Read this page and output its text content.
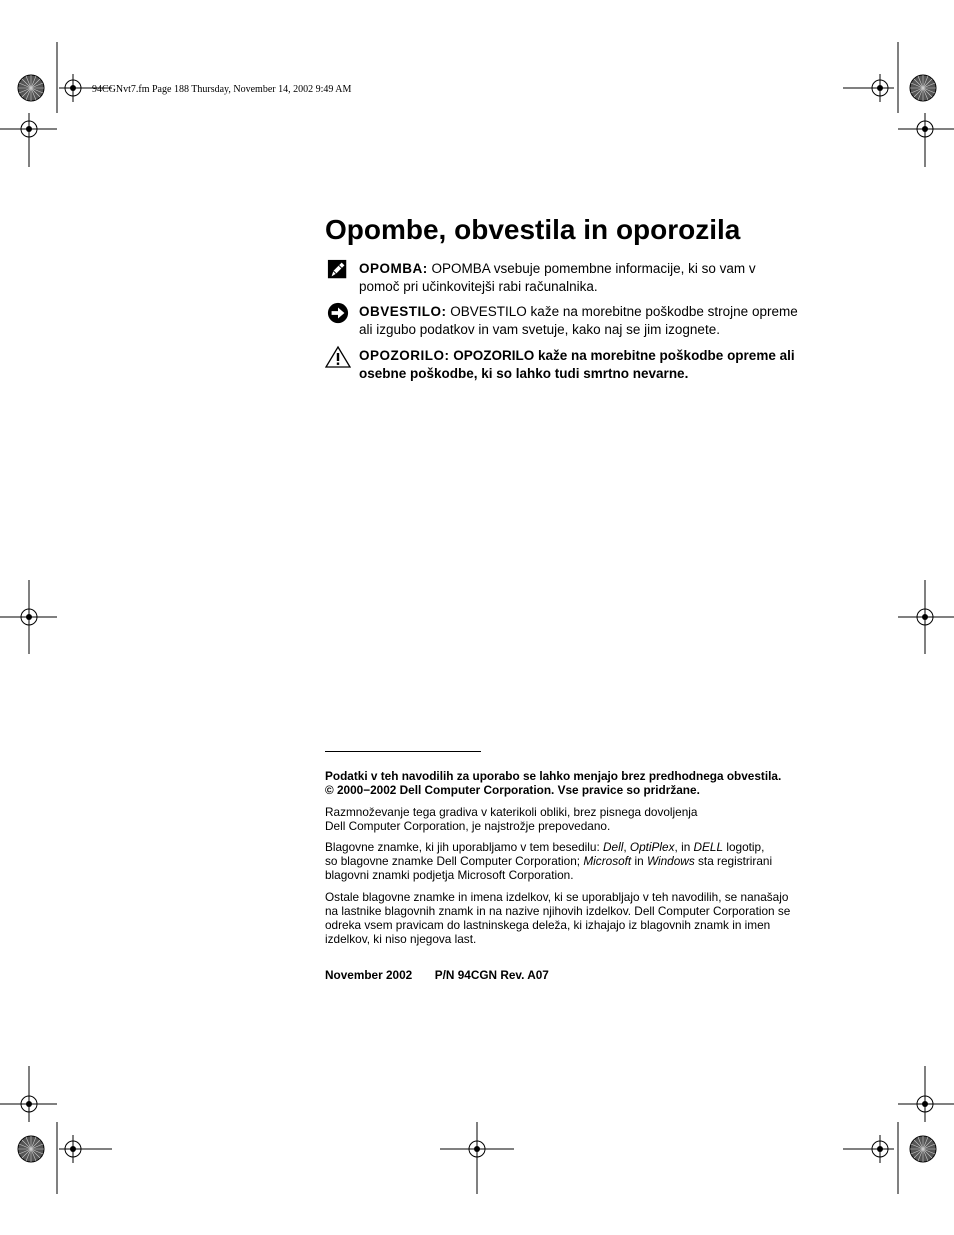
94CGNvt7.fm Page 188 Thursday, November 14, 2002 9:49 AM
Opombe, obvestila in oporozila
OPOMBA: OPOMBA vsebuje pomembne informacije, ki so vam v
pomoč pri učinkovitejši rabi računalnika.
OBVESTILO: OBVESTILO kaže na morebitne poškodbe strojne opreme
ali izgubo podatkov in vam svetuje, kako naj se jim izognete.
OPOZORILO: OPOZORILO kaže na morebitne poškodbe opreme ali
osebne poškodbe, ki so lahko tudi smrtno nevarne.

Podatki v teh navodilih za uporabo se lahko menjajo brez predhodnega obvestila.

© 2000−2002 Dell Computer Corporation. Vse pravice so pridržane.

Razmnoževanje tega gradiva v katerikoli obliki, brez pisnega dovoljenja

Dell Computer Corporation, je najstrožje prepovedano.

Blagovne znamke, ki jih uporabljamo v tem besedilu: Dell, OptiPlex, in DELL logotip,

so blagovne znamke Dell Computer Corporation; Microsoft in Windows sta registrirani

blagovni znamki podjetja Microsoft Corporation.

Ostale blagovne znamke in imena izdelkov, ki se uporabljajo v teh navodilih, se nanašajo

na lastnike blagovnih znamk in na nazive njihovih izdelkov. Dell Computer Corporation se

odreka vsem pravicam do lastninskega deleža, ki izhajajo iz blagovnih znamk in imen

izdelkov, ki niso njegova last.

November 2002 P/N 94CGN Rev. A07
